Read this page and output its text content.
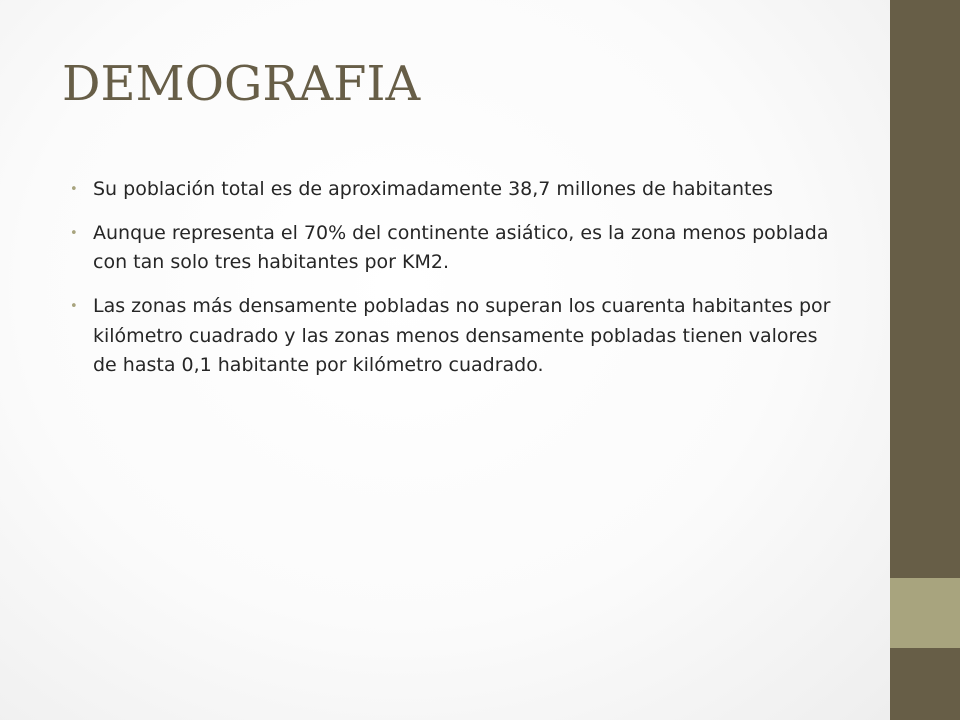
DEMOGRAFIA
• Su población total es de aproximadamente 38,7 millones de habitantes
• Aunque representa el 70% del continente asiático, es la zona menos poblada con tan solo tres habitantes por KM2.
• Las zonas más densamente pobladas no superan los cuarenta habitantes por kilómetro cuadrado y las zonas menos densamente pobladas tienen valores de hasta 0,1 habitante por kilómetro cuadrado.
